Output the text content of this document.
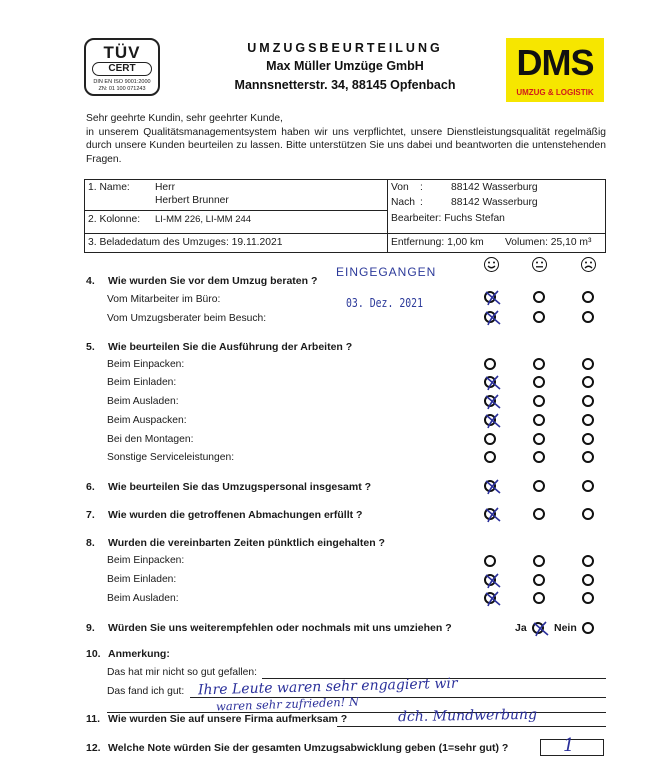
TÜV
CERT
DIN EN ISO 9001:2000
ZN: 01 100 071243
UMZUGSBEURTEILUNG
Max Müller Umzüge GmbH
Mannsnetterstr. 34, 88145 Opfenbach
DMS
UMZUG & LOGISTIK
Sehr geehrte Kundin, sehr geehrter Kunde,
in unserem Qualitätsmanagementsystem haben wir uns verpflichtet, unsere Dienstleistungsqualität regelmäßig durch unsere Kunden beurteilen zu lassen. Bitte unterstützen Sie uns dabei und beantworten die untenstehenden Fragen.
1. Name: Herr
Herbert Brunner
2. Kolonne: LI-MM 226, LI-MM 244
3. Beladedatum des Umzuges: 19.11.2021
Von :	88142 Wasserburg
Nach :	88142 Wasserburg
Bearbeiter: Fuchs Stefan
Entfernung: 1,00 km Volumen: 25,10 m³
EINGEGANGEN
03. Dez. 2021
4. Wie wurden Sie vor dem Umzug beraten ?
Vom Mitarbeiter im Büro:
Vom Umzugsberater beim Besuch:
5. Wie beurteilen Sie die Ausführung der Arbeiten ?
Beim Einpacken:
Beim Einladen:
Beim Ausladen:
Beim Auspacken:
Bei den Montagen:
Sonstige Serviceleistungen:
6. Wie beurteilen Sie das Umzugspersonal insgesamt ?
7. Wie wurden die getroffenen Abmachungen erfüllt ?
8. Wurden die vereinbarten Zeiten pünktlich eingehalten ?
Beim Einpacken:
Beim Einladen:
Beim Ausladen:
9. Würden Sie uns weiterempfehlen oder nochmals mit uns umziehen ?	Ja	Nein
10. Anmerkung:
Das hat mir nicht so gut gefallen:
Das fand ich gut: Ihre Leute waren sehr engagiert wir
waren sehr zufrieden! N
11. Wie wurden Sie auf unsere Firma aufmerksam ?	dch. Mundwerbung
12. Welche Note würden Sie der gesamten Umzugsabwicklung geben (1=sehr gut) ?	1
